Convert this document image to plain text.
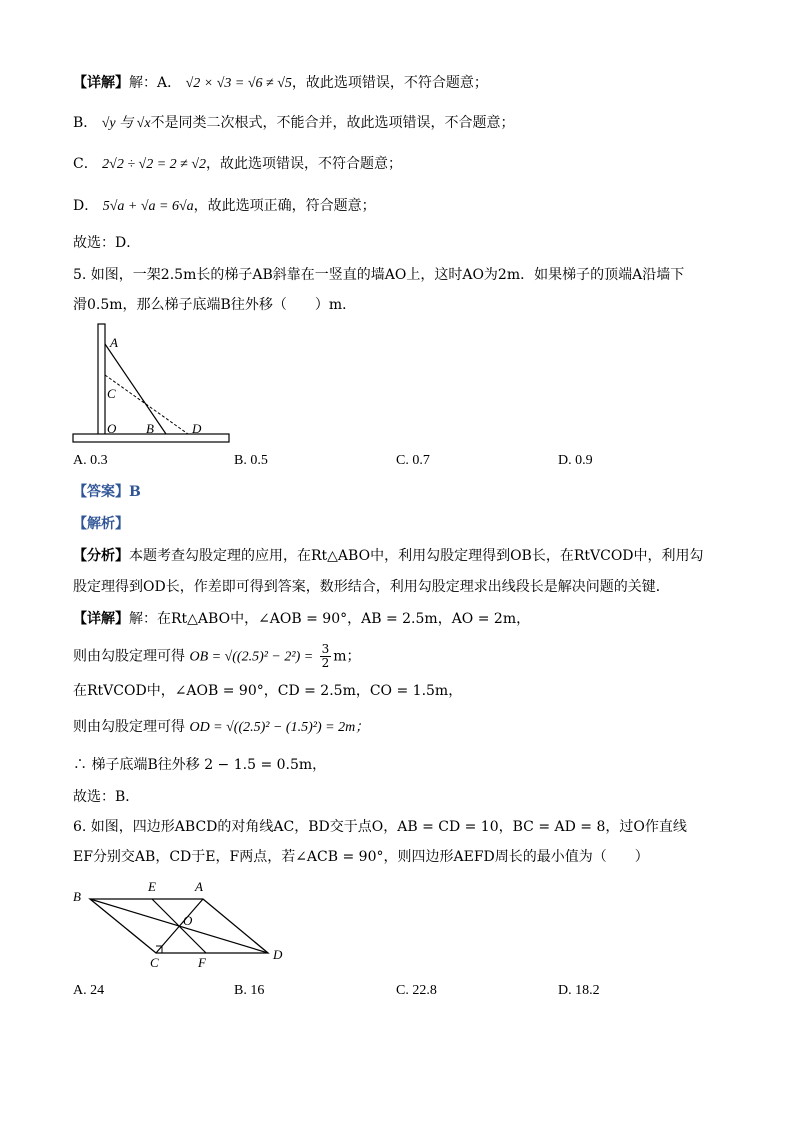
【详解】解：A． √2 × √3 = √6 ≠ √5，故此选项错误，不符合题意；
B． √y 与 √x不是同类二次根式，不能合并，故此选项错误，不合题意；
C． 2√2 ÷ √2 = 2 ≠ √2，故此选项错误，不符合题意；
D． 5√a + √a = 6√a，故此选项正确，符合题意；
故选：D．
5. 如图，一架2.5m长的梯子AB斜靠在一竖直的墙AO上，这时AO为2m．如果梯子的顶端A沿墙下
滑0.5m，那么梯子底端B往外移（　　）m．
A
C
O B	D
A. 0.3	B. 0.5	C. 0.7	D. 0.9
【答案】B
【解析】
【分析】本题考查勾股定理的应用，在Rt△ABO中，利用勾股定理得到OB长，在RtVCOD中，利用勾
股定理得到OD长，作差即可得到答案，数形结合，利用勾股定理求出线段长是解决问题的关键．
【详解】解：在Rt△ABO中，∠AOB = 90°，AB = 2.5m，AO = 2m，
则由勾股定理可得 OB = $√((2.5)^2 - 2^2) = \frac{3}{2}$ m；
在RtVCOD中，∠AOB = 90°，CD = 2.5m，CO = 1.5m，
则由勾股定理可得 OD = √((2.5)² − (1.5)²) = 2m；
∴ 梯子底端B往外移 2 − 1.5 = 0.5m，
故选：B．
6. 如图，四边形ABCD的对角线AC，BD交于点O，AB = CD = 10，BC = AD = 8，过O作直线
EF分别交AB，CD于E，F两点，若∠ACB = 90°，则四边形AEFD周长的最小值为（　　）
B
E	A
O
C	F
D
A. 24	B. 16	C. 22.8	D. 18.2
